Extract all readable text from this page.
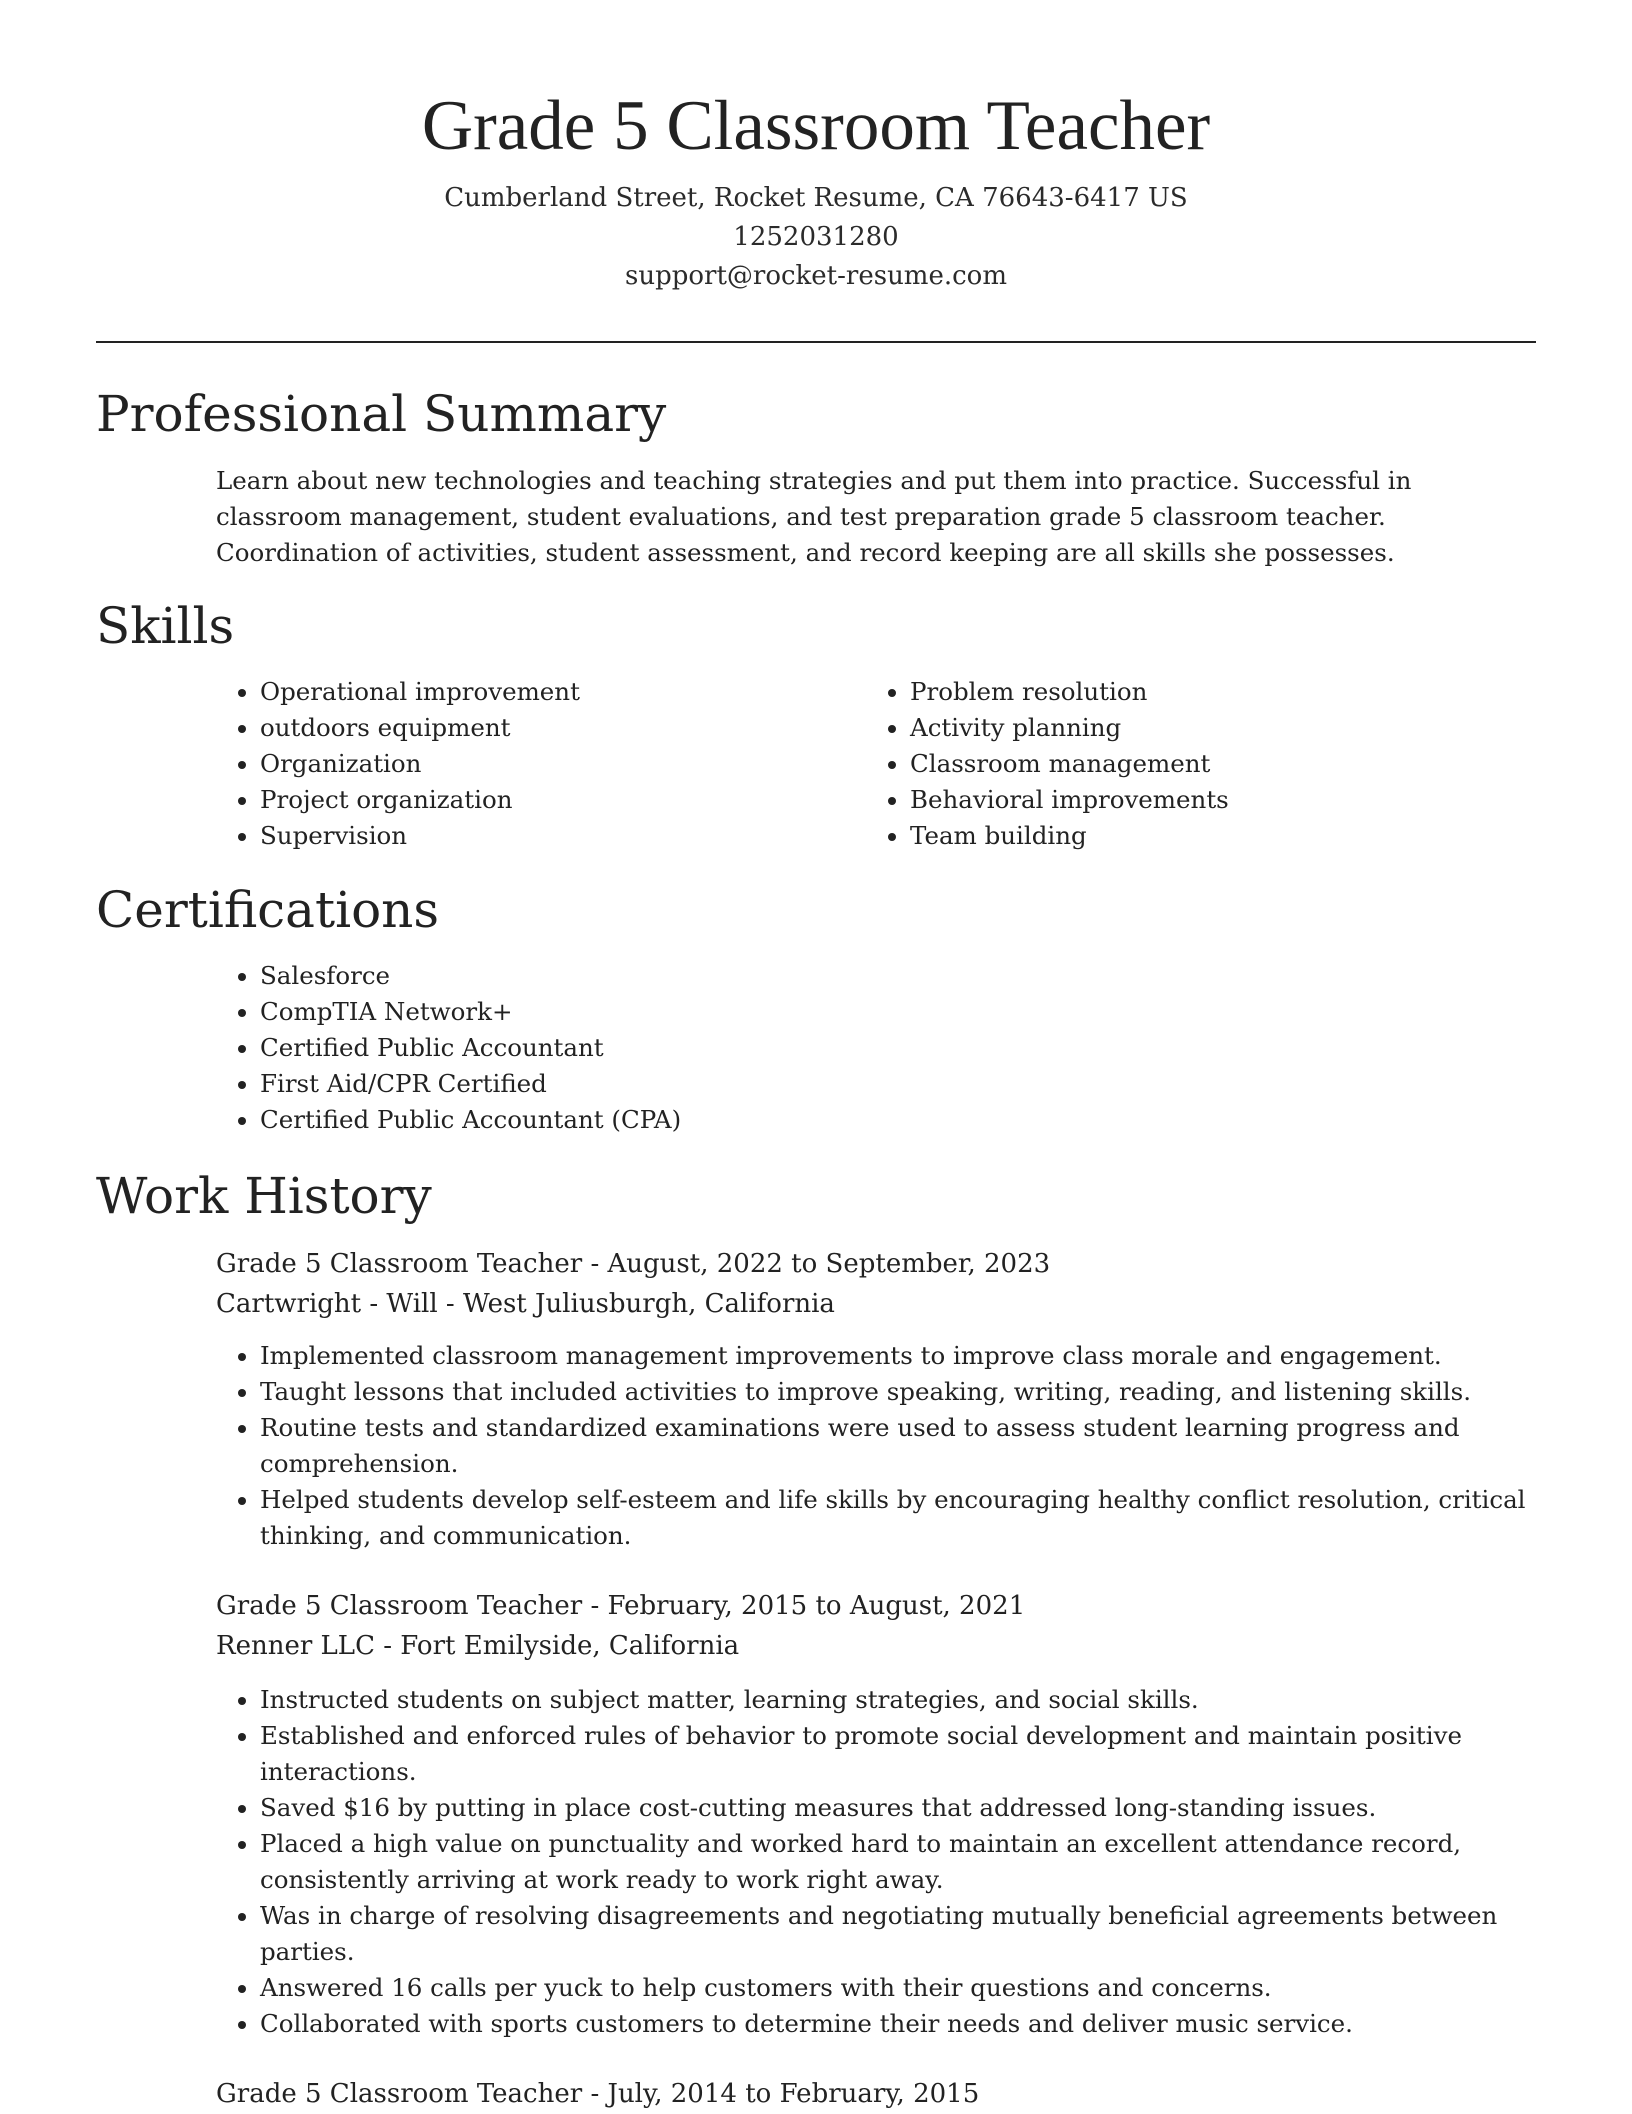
Grade 5 Classroom Teacher
Cumberland Street, Rocket Resume, CA 76643-6417 US
1252031280
support@rocket-resume.com
Professional Summary

Learn about new technologies and teaching strategies and put them into practice. Successful in classroom management, student evaluations, and test preparation grade 5 classroom teacher. Coordination of activities, student assessment, and record keeping are all skills she possesses.

Skills
• Operational improvement
• outdoors equipment
• Organization
• Project organization
• Supervision
• Problem resolution
• Activity planning
• Classroom management
• Behavioral improvements
• Team building
Certifications
• Salesforce
• CompTIA Network+
• Certified Public Accountant
• First Aid/CPR Certified
• Certified Public Accountant (CPA)
Work History

Grade 5 Classroom Teacher - August, 2022 to September, 2023

Cartwright - Will - West Juliusburgh, California

• Implemented classroom management improvements to improve class morale and engagement.
• Taught lessons that included activities to improve speaking, writing, reading, and listening skills.
• Routine tests and standardized examinations were used to assess student learning progress and comprehension.
• Helped students develop self-esteem and life skills by encouraging healthy conflict resolution, critical thinking, and communication.

Grade 5 Classroom Teacher - February, 2015 to August, 2021

Renner LLC - Fort Emilyside, California

• Instructed students on subject matter, learning strategies, and social skills.
• Established and enforced rules of behavior to promote social development and maintain positive interactions.
• Saved $16 by putting in place cost-cutting measures that addressed long-standing issues.
• Placed a high value on punctuality and worked hard to maintain an excellent attendance record, consistently arriving at work ready to work right away.
• Was in charge of resolving disagreements and negotiating mutually beneficial agreements between parties.
• Answered 16 calls per yuck to help customers with their questions and concerns.
• Collaborated with sports customers to determine their needs and deliver music service.

Grade 5 Classroom Teacher - July, 2014 to February, 2015
